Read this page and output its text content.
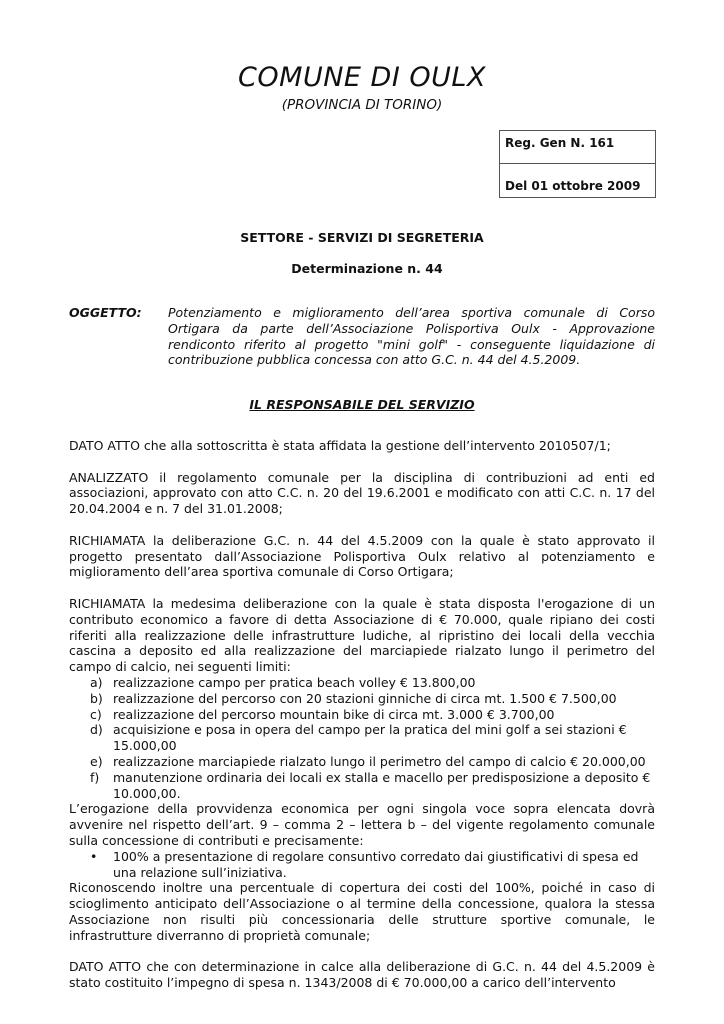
COMUNE DI OULX
(PROVINCIA DI TORINO)
Reg. Gen N. 161
Del 01 ottobre 2009
SETTORE - SERVIZI DI SEGRETERIA
Determinazione n. 44
OGGETTO: Potenziamento e miglioramento dell’area sportiva comunale di Corso Ortigara da parte dell’Associazione Polisportiva Oulx - Approvazione rendiconto riferito al progetto "mini golf" - conseguente liquidazione di contribuzione pubblica concessa con atto G.C. n. 44 del 4.5.2009.
IL RESPONSABILE DEL SERVIZIO

DATO ATTO che alla sottoscritta è stata affidata la gestione dell’intervento 2010507/1;

ANALIZZATO il regolamento comunale per la disciplina di contribuzioni ad enti ed associazioni, approvato con atto C.C. n. 20 del 19.6.2001 e modificato con atti C.C. n. 17 del 20.04.2004 e n. 7 del 31.01.2008;

RICHIAMATA la deliberazione G.C. n. 44 del 4.5.2009 con la quale è stato approvato il progetto presentato dall’Associazione Polisportiva Oulx relativo al potenziamento e miglioramento dell’area sportiva comunale di Corso Ortigara;

RICHIAMATA la medesima deliberazione con la quale è stata disposta l'erogazione di un contributo economico a favore di detta Associazione di € 70.000, quale ripiano dei costi riferiti alla realizzazione delle infrastrutture ludiche, al ripristino dei locali della vecchia cascina a deposito ed alla realizzazione del marciapiede rialzato lungo il perimetro del campo di calcio, nei seguenti limiti:

a) realizzazione campo per pratica beach volley € 13.800,00
b) realizzazione del percorso con 20 stazioni ginniche di circa mt. 1.500 € 7.500,00
c) realizzazione del percorso mountain bike di circa mt. 3.000 € 3.700,00
d) acquisizione e posa in opera del campo per la pratica del mini golf a sei stazioni € 15.000,00
e) realizzazione marciapiede rialzato lungo il perimetro del campo di calcio € 20.000,00
f) manutenzione ordinaria dei locali ex stalla e macello per predisposizione a deposito € 10.000,00.

L’erogazione della provvidenza economica per ogni singola voce sopra elencata dovrà avvenire nel rispetto dell’art. 9 – comma 2 – lettera b – del vigente regolamento comunale sulla concessione di contributi e precisamente:

• 100% a presentazione di regolare consuntivo corredato dai giustificativi di spesa ed una relazione sull’iniziativa.

Riconoscendo inoltre una percentuale di copertura dei costi del 100%, poiché in caso di scioglimento anticipato dell’Associazione o al termine della concessione, qualora la stessa Associazione non risulti più concessionaria delle strutture sportive comunale, le infrastrutture diverranno di proprietà comunale;

DATO ATTO che con determinazione in calce alla deliberazione di G.C. n. 44 del 4.5.2009 è stato costituito l’impegno di spesa n. 1343/2008 di € 70.000,00 a carico dell’intervento
